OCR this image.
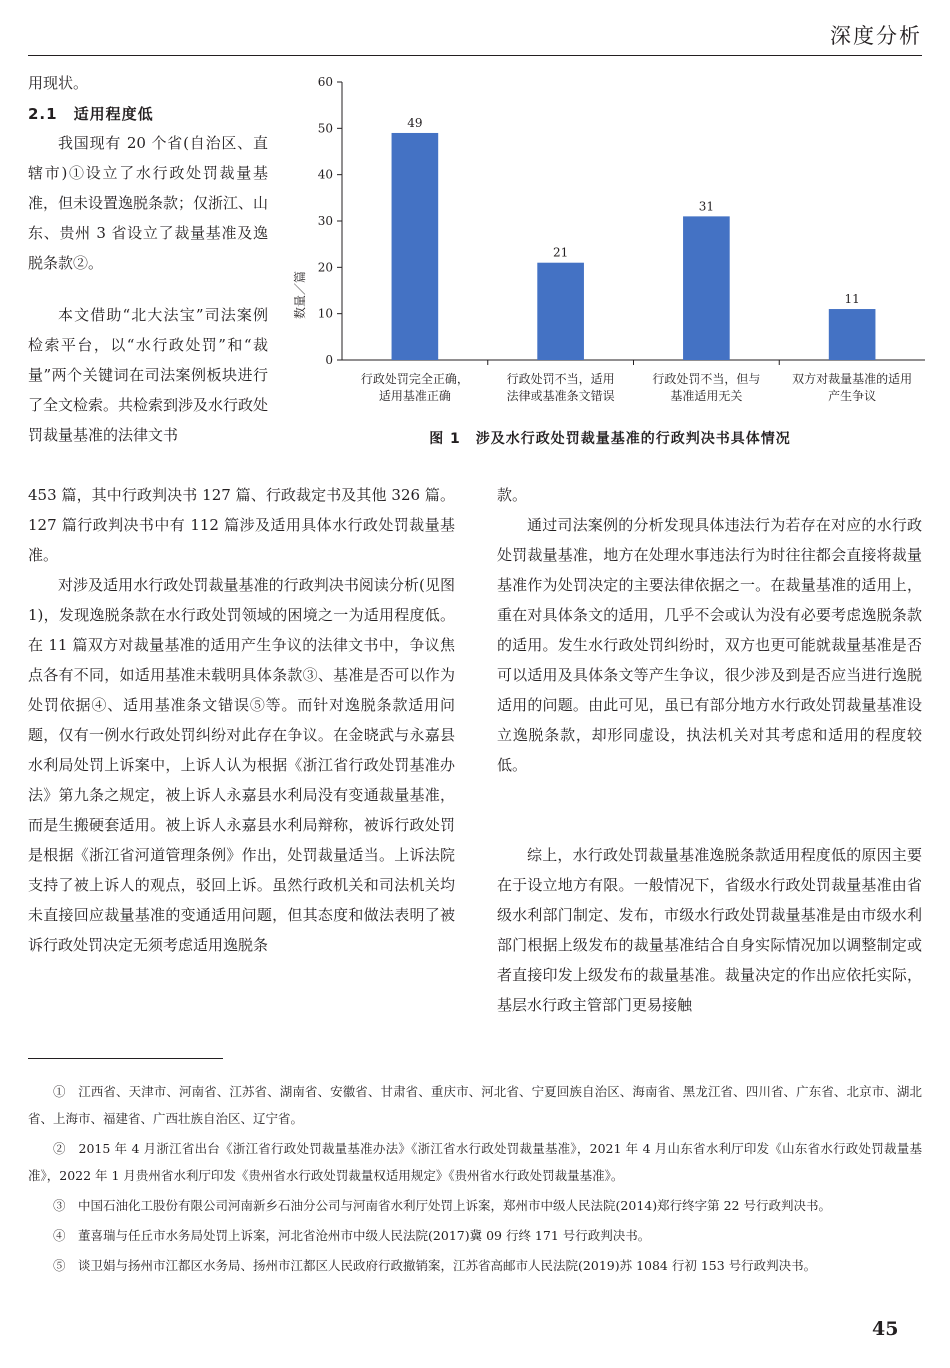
深度分析
用现状。
2.1　适用程度低
我国现有 20 个省(自治区、直辖市)①设立了水行政处罚裁量基准，但未设置逸脱条款；仅浙江、山东、贵州 3 省设立了裁量基准及逸脱条款②。
本文借助“北大法宝”司法案例检索平台，以“水行政处罚”和“裁量”两个关键词在司法案例板块进行了全文检索。共检索到涉及水行政处罚裁量基准的法律文书
数量／篇
0
10
20
30
40
50
60
49
21
31
11
行政处罚完全正确，
适用基准正确
行政处罚不当，适用
法律或基准条文错误
行政处罚不当，但与
基准适用无关
双方对裁量基准的适用
产生争议
图 1　涉及水行政处罚裁量基准的行政判决书具体情况
453 篇，其中行政判决书 127 篇、行政裁定书及其他 326 篇。127 篇行政判决书中有 112 篇涉及适用具体水行政处罚裁量基准。
对涉及适用水行政处罚裁量基准的行政判决书阅读分析(见图 1)，发现逸脱条款在水行政处罚领域的困境之一为适用程度低。在 11 篇双方对裁量基准的适用产生争议的法律文书中，争议焦点各有不同，如适用基准未载明具体条款③、基准是否可以作为处罚依据④、适用基准条文错误⑤等。而针对逸脱条款适用问题，仅有一例水行政处罚纠纷对此存在争议。在金晓武与永嘉县水利局处罚上诉案中，上诉人认为根据《浙江省行政处罚基准办法》第九条之规定，被上诉人永嘉县水利局没有变通裁量基准，而是生搬硬套适用。被上诉人永嘉县水利局辩称，被诉行政处罚是根据《浙江省河道管理条例》作出，处罚裁量适当。上诉法院支持了被上诉人的观点，驳回上诉。虽然行政机关和司法机关均未直接回应裁量基准的变通适用问题，但其态度和做法表明了被诉行政处罚决定无须考虑适用逸脱条
款。
通过司法案例的分析发现具体违法行为若存在对应的水行政处罚裁量基准，地方在处理水事违法行为时往往都会直接将裁量基准作为处罚决定的主要法律依据之一。在裁量基准的适用上，重在对具体条文的适用，几乎不会或认为没有必要考虑逸脱条款的适用。发生水行政处罚纠纷时，双方也更可能就裁量基准是否可以适用及具体条文等产生争议，很少涉及到是否应当进行逸脱适用的问题。由此可见，虽已有部分地方水行政处罚裁量基准设立逸脱条款，却形同虚设，执法机关对其考虑和适用的程度较低。
综上，水行政处罚裁量基准逸脱条款适用程度低的原因主要在于设立地方有限。一般情况下，省级水行政处罚裁量基准由省级水利部门制定、发布，市级水行政处罚裁量基准是由市级水利部门根据上级发布的裁量基准结合自身实际情况加以调整制定或者直接印发上级发布的裁量基准。裁量决定的作出应依托实际，基层水行政主管部门更易接触
①　 江西省、天津市、河南省、江苏省、湖南省、安徽省、甘肃省、重庆市、河北省、宁夏回族自治区、海南省、黑龙江省、四川省、广东省、北京市、湖北省、上海市、福建省、广西壮族自治区、辽宁省。
②　 2015 年 4 月浙江省出台《浙江省行政处罚裁量基准办法》《浙江省水行政处罚裁量基准》，2021 年 4 月山东省水利厅印发《山东省水行政处罚裁量基准》，2022 年 1 月贵州省水利厅印发《贵州省水行政处罚裁量权适用规定》《贵州省水行政处罚裁量基准》。
③　 中国石油化工股份有限公司河南新乡石油分公司与河南省水利厅处罚上诉案，郑州市中级人民法院(2014)郑行终字第 22 号行政判决书。
④　 董喜瑞与任丘市水务局处罚上诉案，河北省沧州市中级人民法院(2017)冀 09 行终 171 号行政判决书。
⑤　 谈卫娟与扬州市江都区水务局、扬州市江都区人民政府行政撤销案，江苏省高邮市人民法院(2019)苏 1084 行初 153 号行政判决书。
45
